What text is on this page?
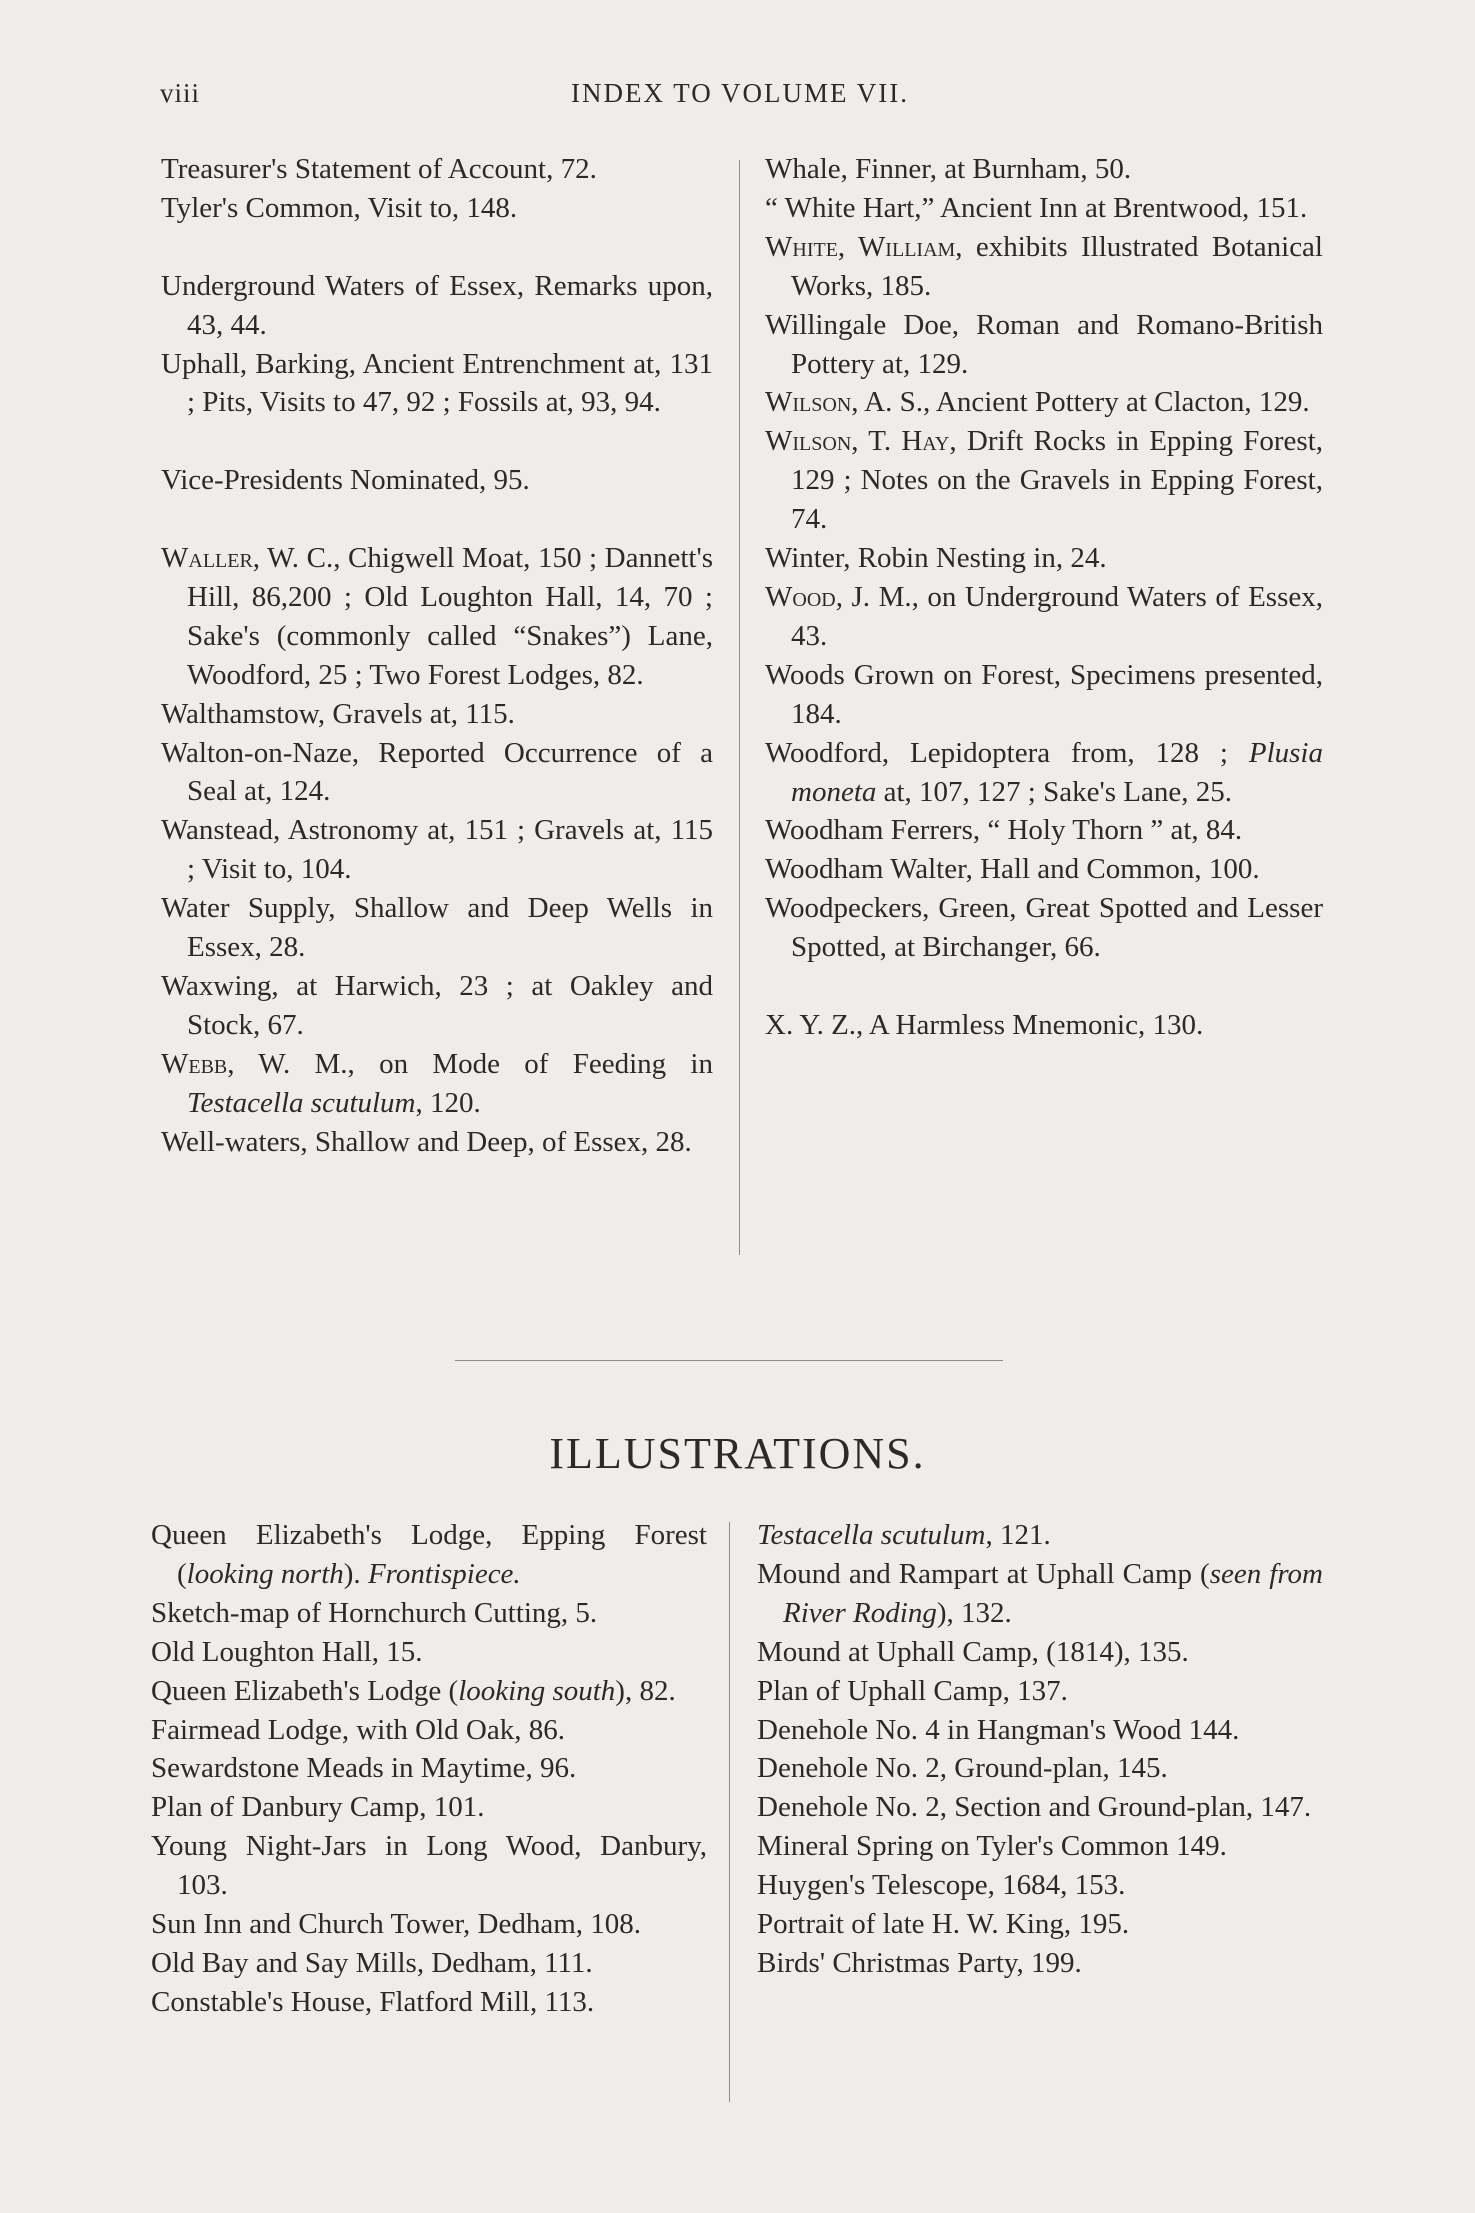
viii	INDEX TO VOLUME VII.
Treasurer's Statement of Account, 72.
Tyler's Common, Visit to, 148.
Underground Waters of Essex, Remarks upon, 43, 44.
Uphall, Barking, Ancient Entrenchment at, 131 ; Pits, Visits to 47, 92 ; Fossils at, 93, 94.
Vice-Presidents Nominated, 95.
Waller, W. C., Chigwell Moat, 150 ; Dannett's Hill, 86,200 ; Old Loughton Hall, 14, 70 ; Sake's (commonly called “Snakes”) Lane, Woodford, 25 ; Two Forest Lodges, 82.
Walthamstow, Gravels at, 115.
Walton-on-Naze, Reported Occurrence of a Seal at, 124.
Wanstead, Astronomy at, 151 ; Gravels at, 115 ; Visit to, 104.
Water Supply, Shallow and Deep Wells in Essex, 28.
Waxwing, at Harwich, 23 ; at Oakley and Stock, 67.
Webb, W. M., on Mode of Feeding in Testacella scutulum, 120.
Well-waters, Shallow and Deep, of Essex, 28.
Whale, Finner, at Burnham, 50.
“ White Hart,” Ancient Inn at Brentwood, 151.
White, William, exhibits Illustrated Botanical Works, 185.
Willingale Doe, Roman and Romano-British Pottery at, 129.
Wilson, A. S., Ancient Pottery at Clacton, 129.
Wilson, T. Hay, Drift Rocks in Epping Forest, 129 ; Notes on the Gravels in Epping Forest, 74.
Winter, Robin Nesting in, 24.
Wood, J. M., on Underground Waters of Essex, 43.
Woods Grown on Forest, Specimens presented, 184.
Woodford, Lepidoptera from, 128 ; Plusia moneta at, 107, 127 ; Sake's Lane, 25.
Woodham Ferrers, “ Holy Thorn ” at, 84.
Woodham Walter, Hall and Common, 100.
Woodpeckers, Green, Great Spotted and Lesser Spotted, at Birchanger, 66.
X. Y. Z., A Harmless Mnemonic, 130.
ILLUSTRATIONS.
Queen Elizabeth's Lodge, Epping Forest (looking north). Frontispiece.
Sketch-map of Hornchurch Cutting, 5.
Old Loughton Hall, 15.
Queen Elizabeth's Lodge (looking south), 82.
Fairmead Lodge, with Old Oak, 86.
Sewardstone Meads in Maytime, 96.
Plan of Danbury Camp, 101.
Young Night-Jars in Long Wood, Danbury, 103.
Sun Inn and Church Tower, Dedham, 108.
Old Bay and Say Mills, Dedham, 111.
Constable's House, Flatford Mill, 113.
Testacella scutulum, 121.
Mound and Rampart at Uphall Camp (seen from River Roding), 132.
Mound at Uphall Camp, (1814), 135.
Plan of Uphall Camp, 137.
Denehole No. 4 in Hangman's Wood 144.
Denehole No. 2, Ground-plan, 145.
Denehole No. 2, Section and Ground-plan, 147.
Mineral Spring on Tyler's Common 149.
Huygen's Telescope, 1684, 153.
Portrait of late H. W. King, 195.
Birds' Christmas Party, 199.
